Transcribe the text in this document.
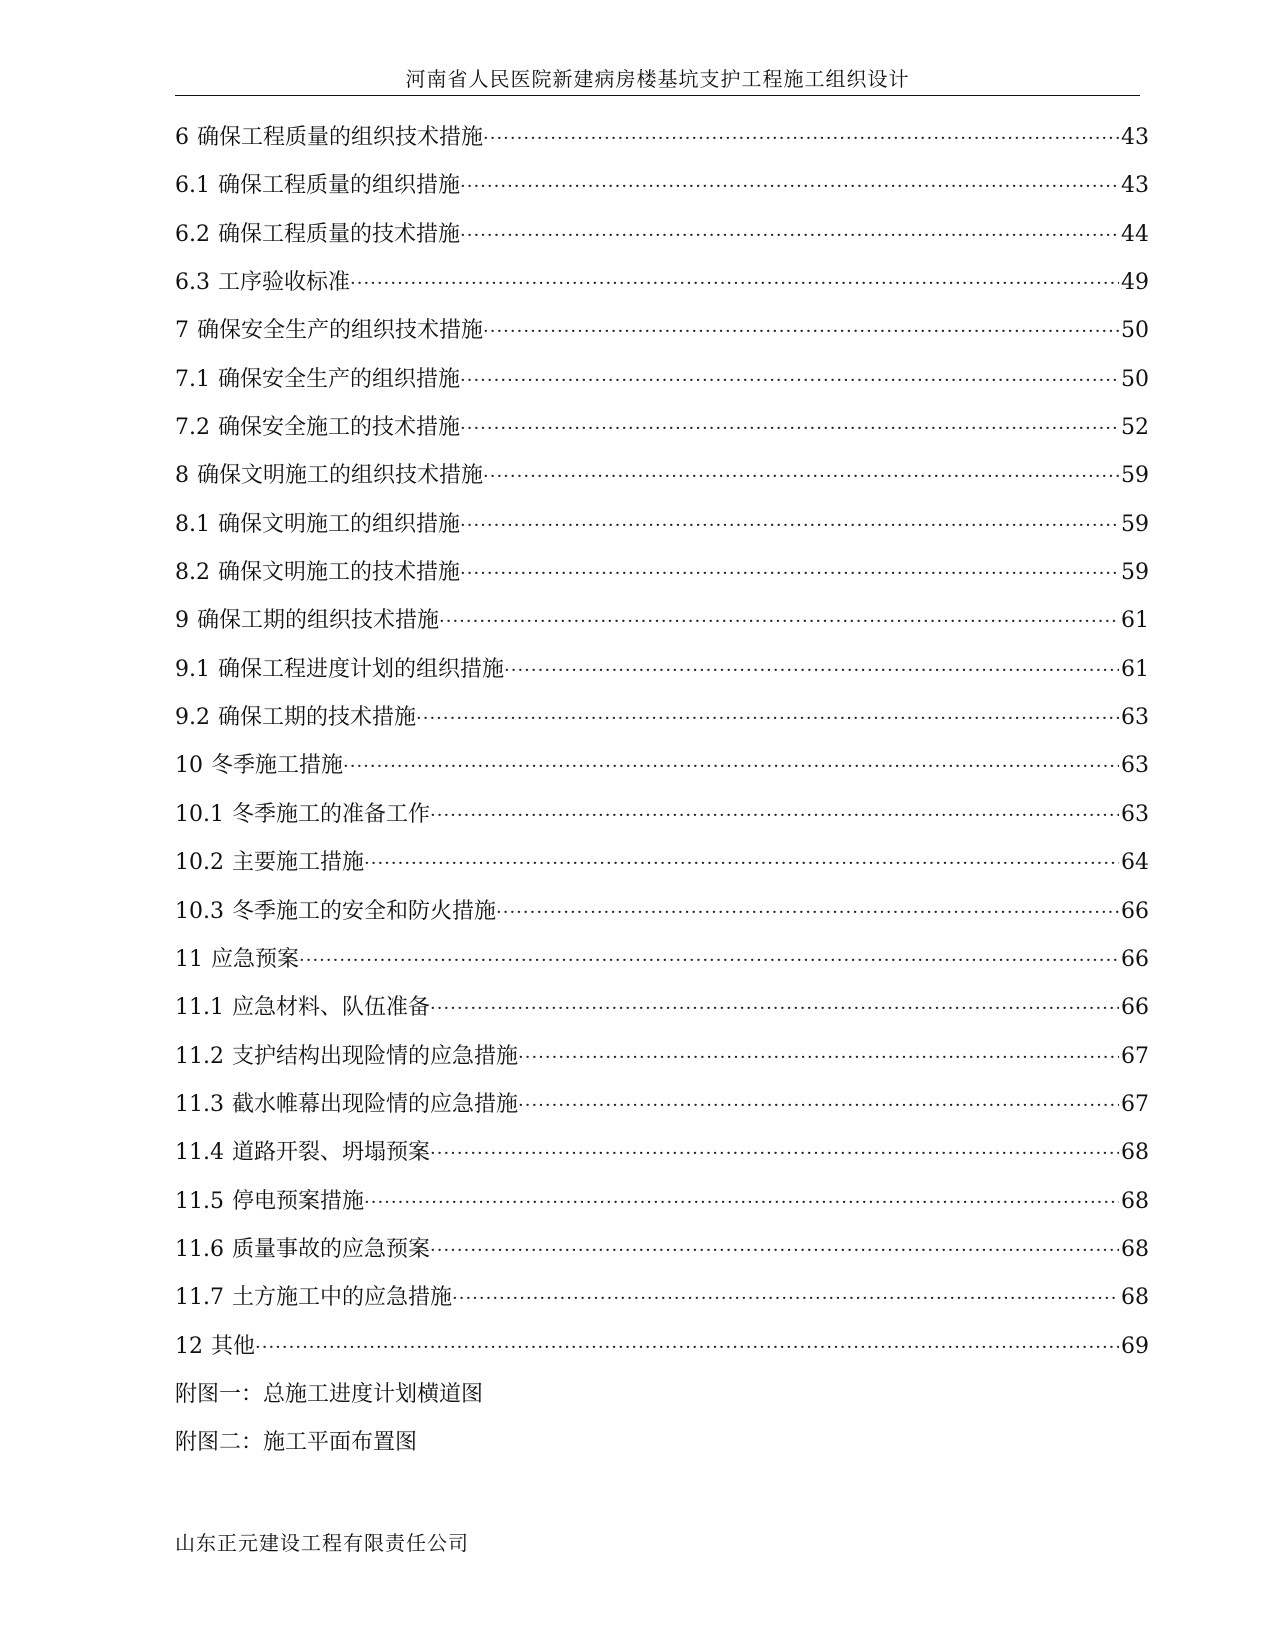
河南省人民医院新建病房楼基坑支护工程施工组织设计
6 确保工程质量的组织技术措施 ·····	43
6.1 确保工程质量的组织措施 ·····	43
6.2 确保工程质量的技术措施 ·····	44
6.3 工序验收标准 ·····	49
7 确保安全生产的组织技术措施 ·····	50
7.1 确保安全生产的组织措施 ·····	50
7.2 确保安全施工的技术措施 ·····	52
8 确保文明施工的组织技术措施 ·····	59
8.1 确保文明施工的组织措施 ·····	59
8.2 确保文明施工的技术措施 ·····	59
9 确保工期的组织技术措施 ·····	61
9.1 确保工程进度计划的组织措施 ·····	61
9.2 确保工期的技术措施 ·····	63
10 冬季施工措施 ·····	63
10.1 冬季施工的准备工作 ·····	63
10.2 主要施工措施 ·····	64
10.3 冬季施工的安全和防火措施 ·····	66
11 应急预案 ·····	66
11.1 应急材料、队伍准备 ·····	66
11.2 支护结构出现险情的应急措施 ·····	67
11.3 截水帷幕出现险情的应急措施 ·····	67
11.4 道路开裂、坍塌预案 ·····	68
11.5 停电预案措施 ·····	68
11.6 质量事故的应急预案 ·····	68
11.7 土方施工中的应急措施 ·····	68
12 其他 ·····	69
附图一：总施工进度计划横道图
附图二：施工平面布置图
山东正元建设工程有限责任公司
